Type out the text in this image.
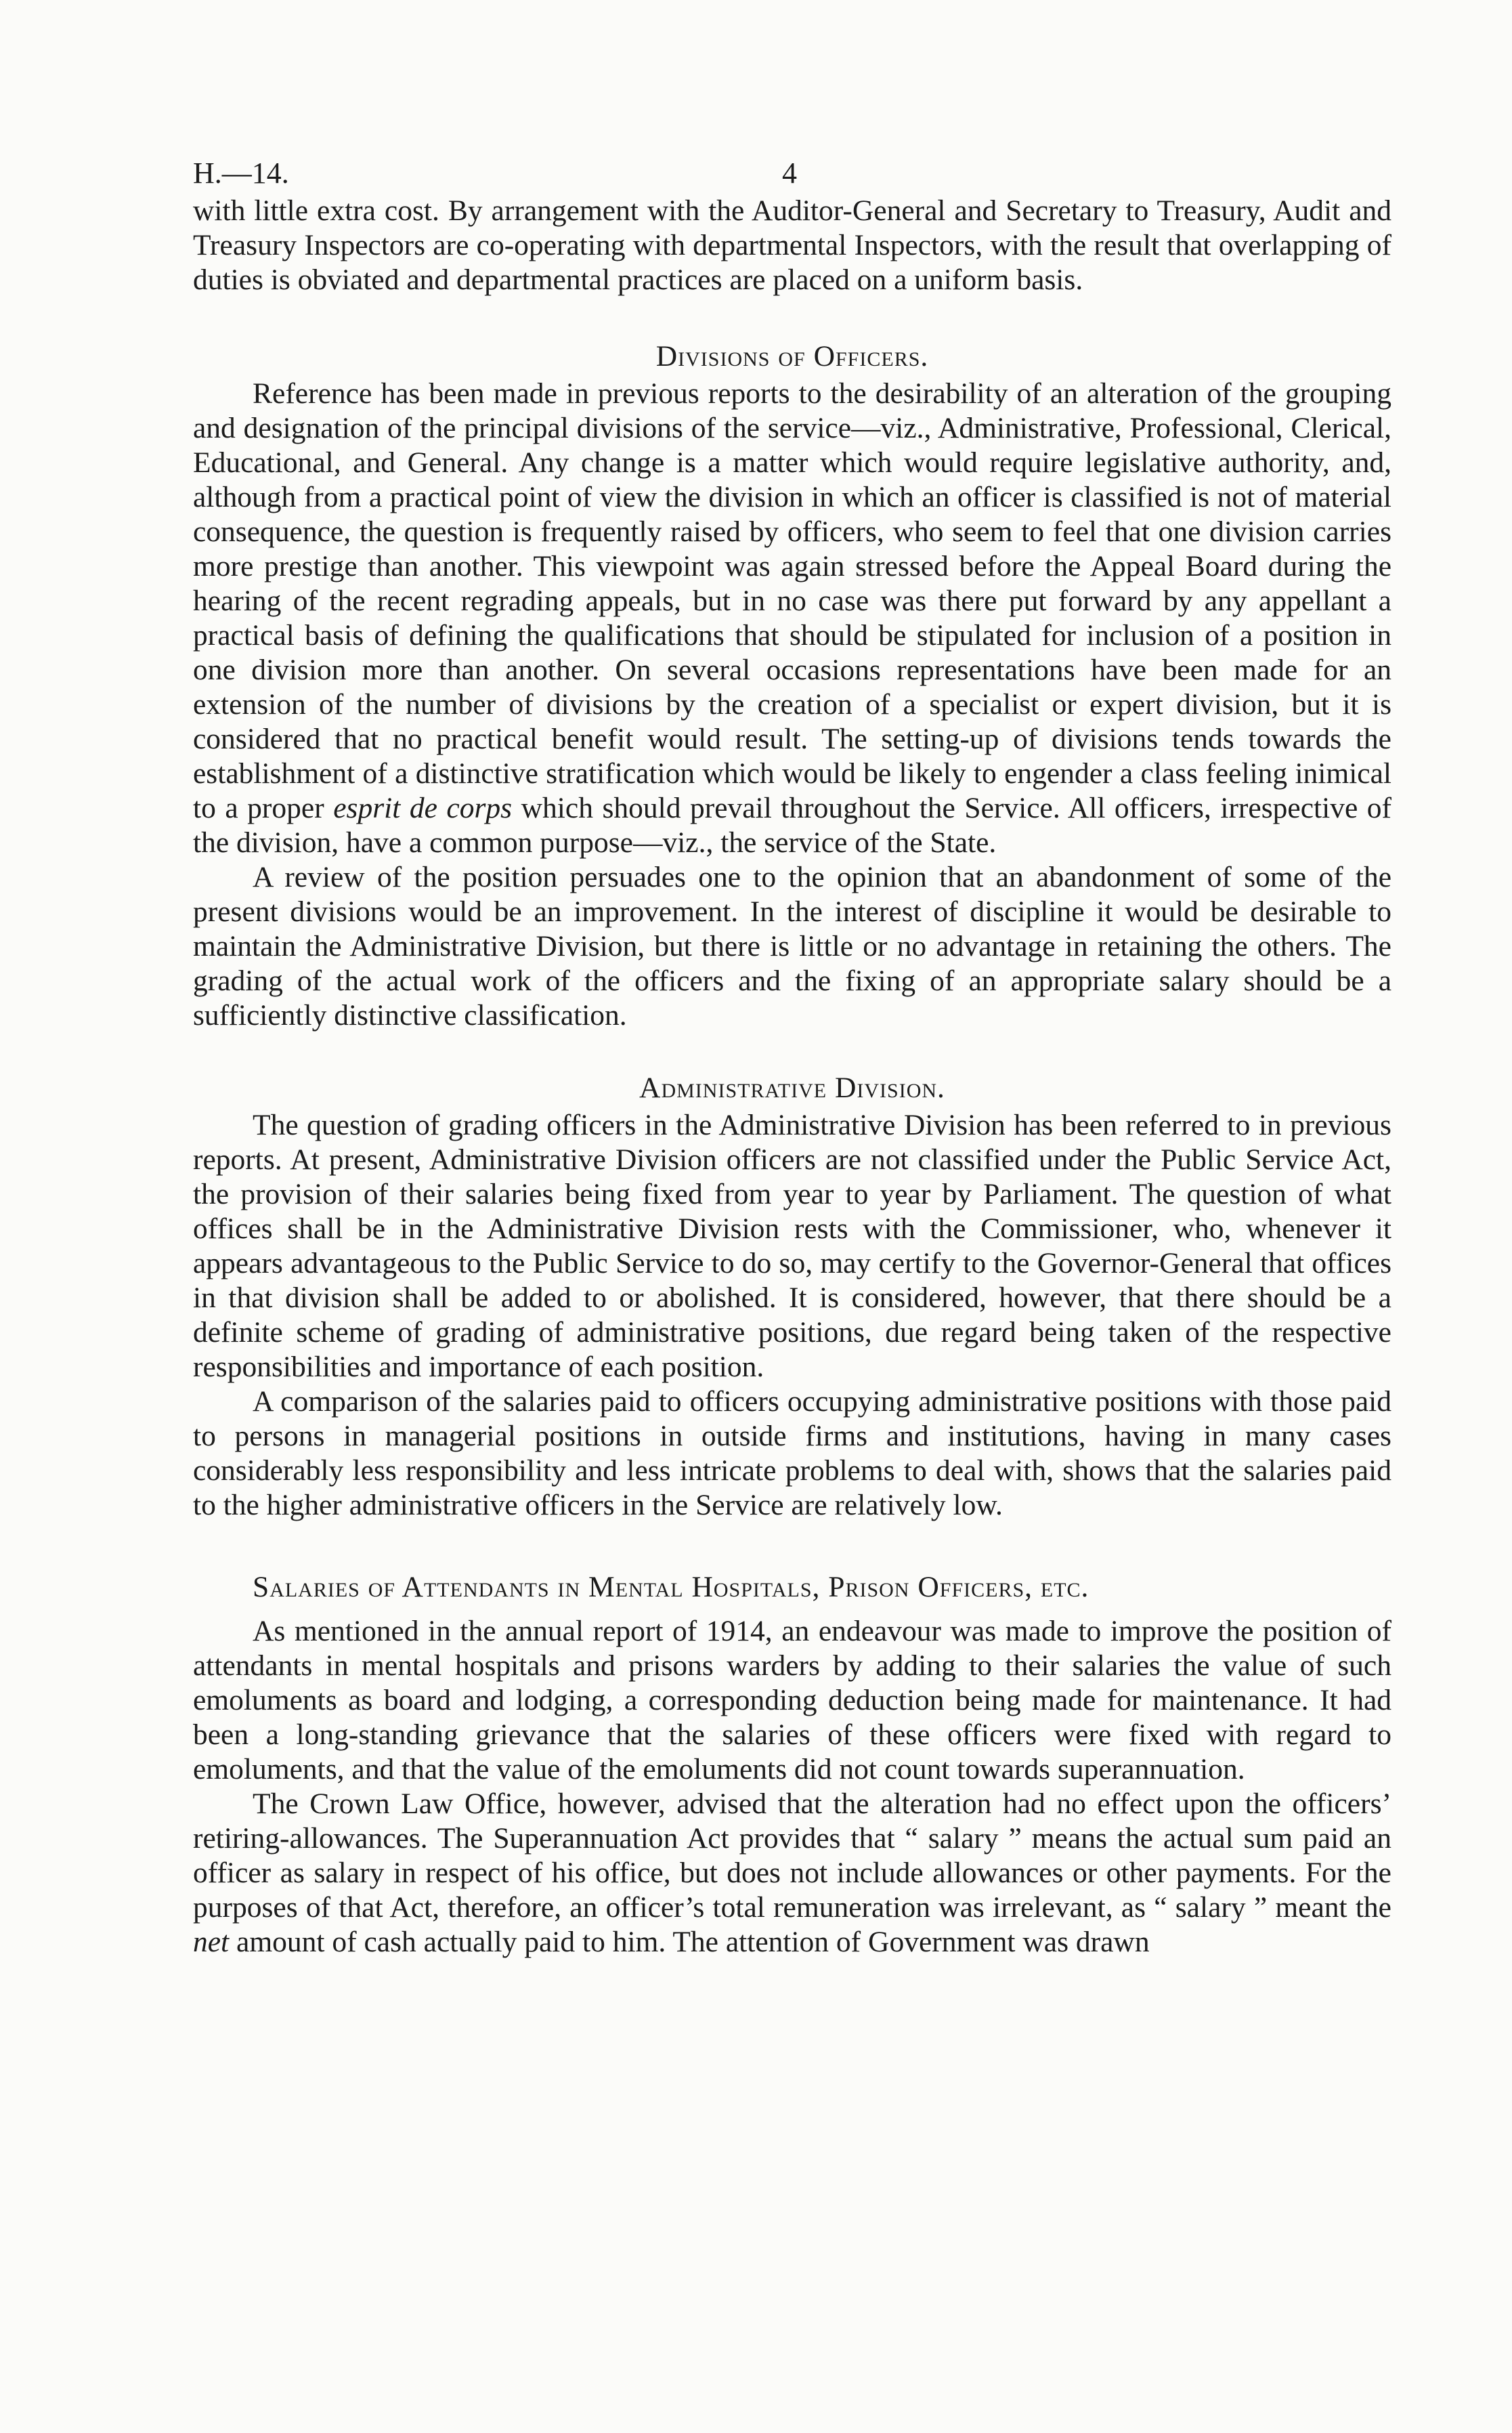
H.—14.	4

with little extra cost. By arrangement with the Auditor-General and Secretary to Treasury, Audit and Treasury Inspectors are co-operating with departmental Inspectors, with the result that overlapping of duties is obviated and departmental practices are placed on a uniform basis.

Divisions of Officers.

Reference has been made in previous reports to the desirability of an alteration of the grouping and designation of the principal divisions of the service—viz., Administrative, Professional, Clerical, Educational, and General. Any change is a matter which would require legislative authority, and, although from a practical point of view the division in which an officer is classified is not of material consequence, the question is frequently raised by officers, who seem to feel that one division carries more prestige than another. This viewpoint was again stressed before the Appeal Board during the hearing of the recent regrading appeals, but in no case was there put forward by any appellant a practical basis of defining the qualifications that should be stipulated for inclusion of a position in one division more than another. On several occasions representations have been made for an extension of the number of divisions by the creation of a specialist or expert division, but it is considered that no practical benefit would result. The setting-up of divisions tends towards the establishment of a distinctive stratification which would be likely to engender a class feeling inimical to a proper esprit de corps which should prevail throughout the Service. All officers, irrespective of the division, have a common purpose—viz., the service of the State.

A review of the position persuades one to the opinion that an abandonment of some of the present divisions would be an improvement. In the interest of discipline it would be desirable to maintain the Administrative Division, but there is little or no advantage in retaining the others. The grading of the actual work of the officers and the fixing of an appropriate salary should be a sufficiently distinctive classification.

Administrative Division.

The question of grading officers in the Administrative Division has been referred to in previous reports. At present, Administrative Division officers are not classified under the Public Service Act, the provision of their salaries being fixed from year to year by Parliament. The question of what offices shall be in the Administrative Division rests with the Commissioner, who, whenever it appears advantageous to the Public Service to do so, may certify to the Governor-General that offices in that division shall be added to or abolished. It is considered, however, that there should be a definite scheme of grading of administrative positions, due regard being taken of the respective responsibilities and importance of each position.

A comparison of the salaries paid to officers occupying administrative positions with those paid to persons in managerial positions in outside firms and institutions, having in many cases considerably less responsibility and less intricate problems to deal with, shows that the salaries paid to the higher administrative officers in the Service are relatively low.

Salaries of Attendants in Mental Hospitals, Prison Officers, etc.

As mentioned in the annual report of 1914, an endeavour was made to improve the position of attendants in mental hospitals and prisons warders by adding to their salaries the value of such emoluments as board and lodging, a corresponding deduction being made for maintenance. It had been a long-standing grievance that the salaries of these officers were fixed with regard to emoluments, and that the value of the emoluments did not count towards superannuation.

The Crown Law Office, however, advised that the alteration had no effect upon the officers’ retiring-allowances. The Superannuation Act provides that “ salary ” means the actual sum paid an officer as salary in respect of his office, but does not include allowances or other payments. For the purposes of that Act, therefore, an officer’s total remuneration was irrelevant, as “ salary ” meant the net amount of cash actually paid to him. The attention of Government was drawn
